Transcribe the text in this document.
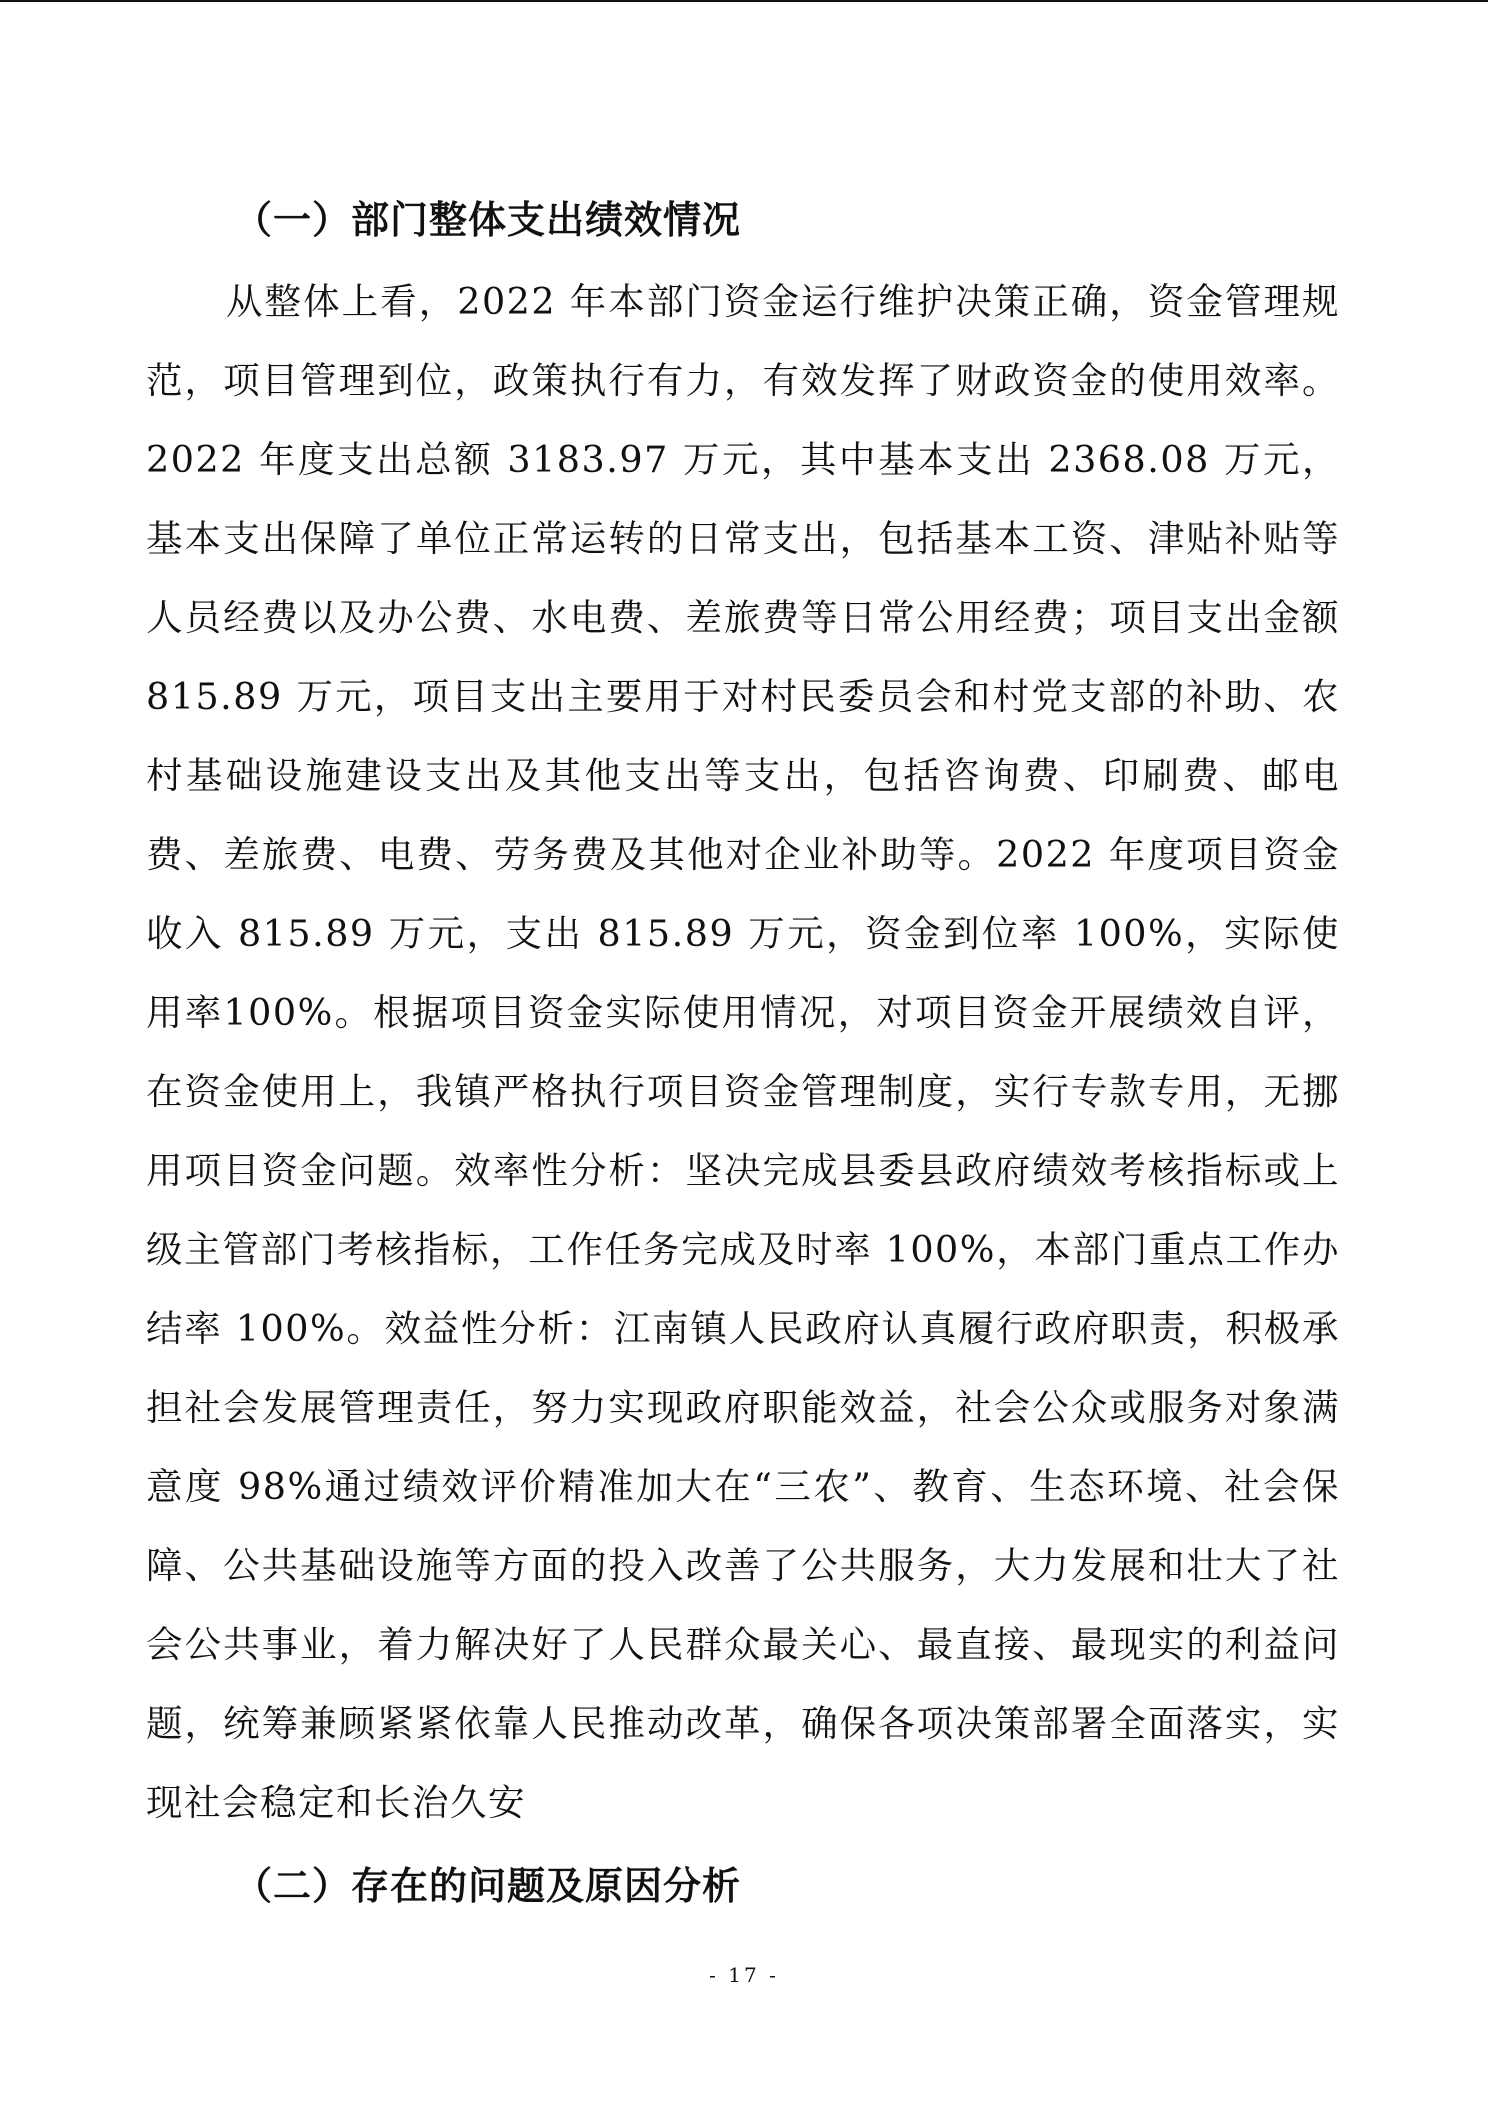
（一）部门整体支出绩效情况

从整体上看，2022 年本部门资金运行维护决策正确，资金管理规范，项目管理到位，政策执行有力，有效发挥了财政资金的使用效率。2022 年度支出总额 3183.97 万元，其中基本支出 2368.08 万元，基本支出保障了单位正常运转的日常支出，包括基本工资、津贴补贴等人员经费以及办公费、水电费、差旅费等日常公用经费；项目支出金额815.89 万元，项目支出主要用于对村民委员会和村党支部的补助、农村基础设施建设支出及其他支出等支出，包括咨询费、印刷费、邮电费、差旅费、电费、劳务费及其他对企业补助等。2022 年度项目资金收入 815.89 万元，支出 815.89 万元，资金到位率 100%，实际使用率100%。根据项目资金实际使用情况，对项目资金开展绩效自评，在资金使用上，我镇严格执行项目资金管理制度，实行专款专用，无挪用项目资金问题。效率性分析：坚决完成县委县政府绩效考核指标或上级主管部门考核指标，工作任务完成及时率 100%，本部门重点工作办结率 100%。效益性分析：江南镇人民政府认真履行政府职责，积极承担社会发展管理责任，努力实现政府职能效益，社会公众或服务对象满意度 98%通过绩效评价精准加大在“三农”、教育、生态环境、社会保障、公共基础设施等方面的投入改善了公共服务，大力发展和壮大了社会公共事业，着力解决好了人民群众最关心、最直接、最现实的利益问题，统筹兼顾紧紧依靠人民推动改革，确保各项决策部署全面落实，实现社会稳定和长治久安

（二）存在的问题及原因分析
- 17 -
